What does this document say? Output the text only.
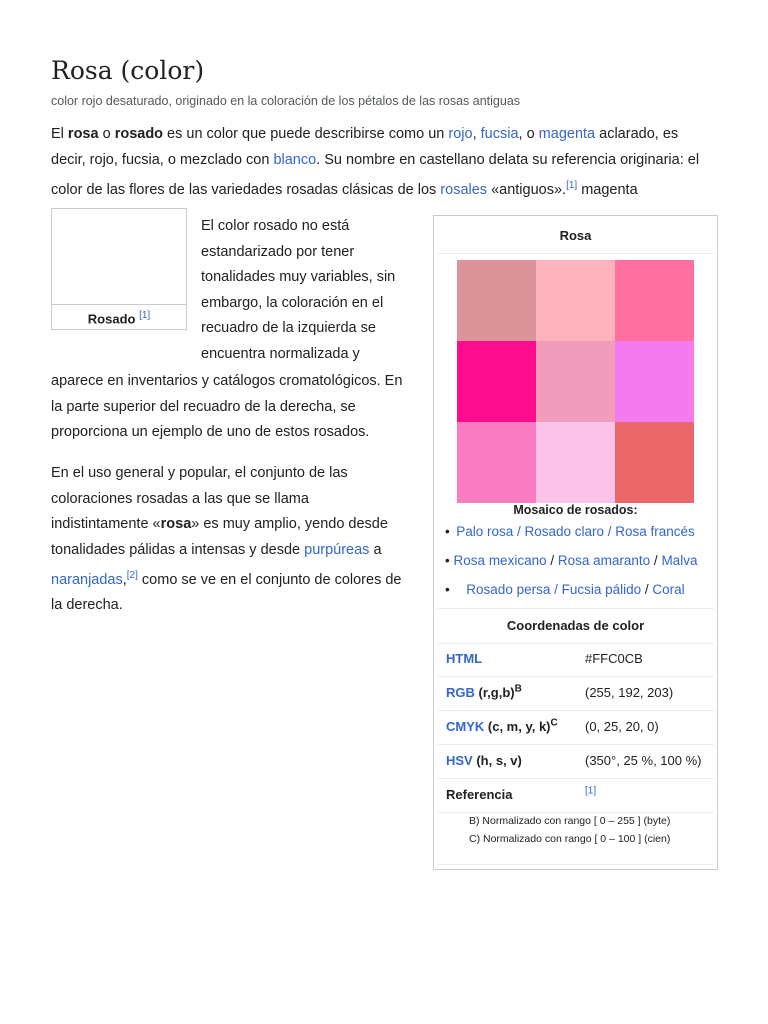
Rosa (color)
color rojo desaturado, originado en la coloración de los pétalos de las rosas antiguas

El rosa o rosado es un color que puede describirse como un rojo, fucsia, o magenta aclarado, es decir, rojo, fucsia, o mezclado con blanco. Su nombre en castellano delata su referencia originaria: el color de las flores de las variedades rosadas clásicas de los rosales «antiguos».[1] magenta

Rosado [1]

El color rosado no está estandarizado por tener tonalidades muy variables, sin embargo, la coloración en el recuadro de la izquierda se encuentra normalizada y

aparece en inventarios y catálogos cromatológicos. En la parte superior del recuadro de la derecha, se proporciona un ejemplo de uno de estos rosados.

En el uso general y popular, el conjunto de las coloraciones rosadas a las que se llama indistintamente «rosa» es muy amplio, yendo desde tonalidades pálidas a intensas y desde purpúreas a naranjadas,[2] como se ve en el conjunto de colores de la derecha.

Rosa
Mosaico de rosados:
• Palo rosa / Rosado claro / Rosa francés
• Rosa mexicano / Rosa amaranto / Malva
• Rosado persa / Fucsia pálido / Coral
Coordenadas de color
HTML	#FFC0CB
RGB $(r,g,b)^B$	(255, 192, 203)
CMYK (c, m, y, k)$^C$ (0, 25, 20, 0)
HSV (h, s, v)	(350°, 25 %, 100 %)
Referencia	[1]
B) Normalizado con rango [ 0 – 255 ] (byte)
C) Normalizado con rango [ 0 – 100 ] (cien)
